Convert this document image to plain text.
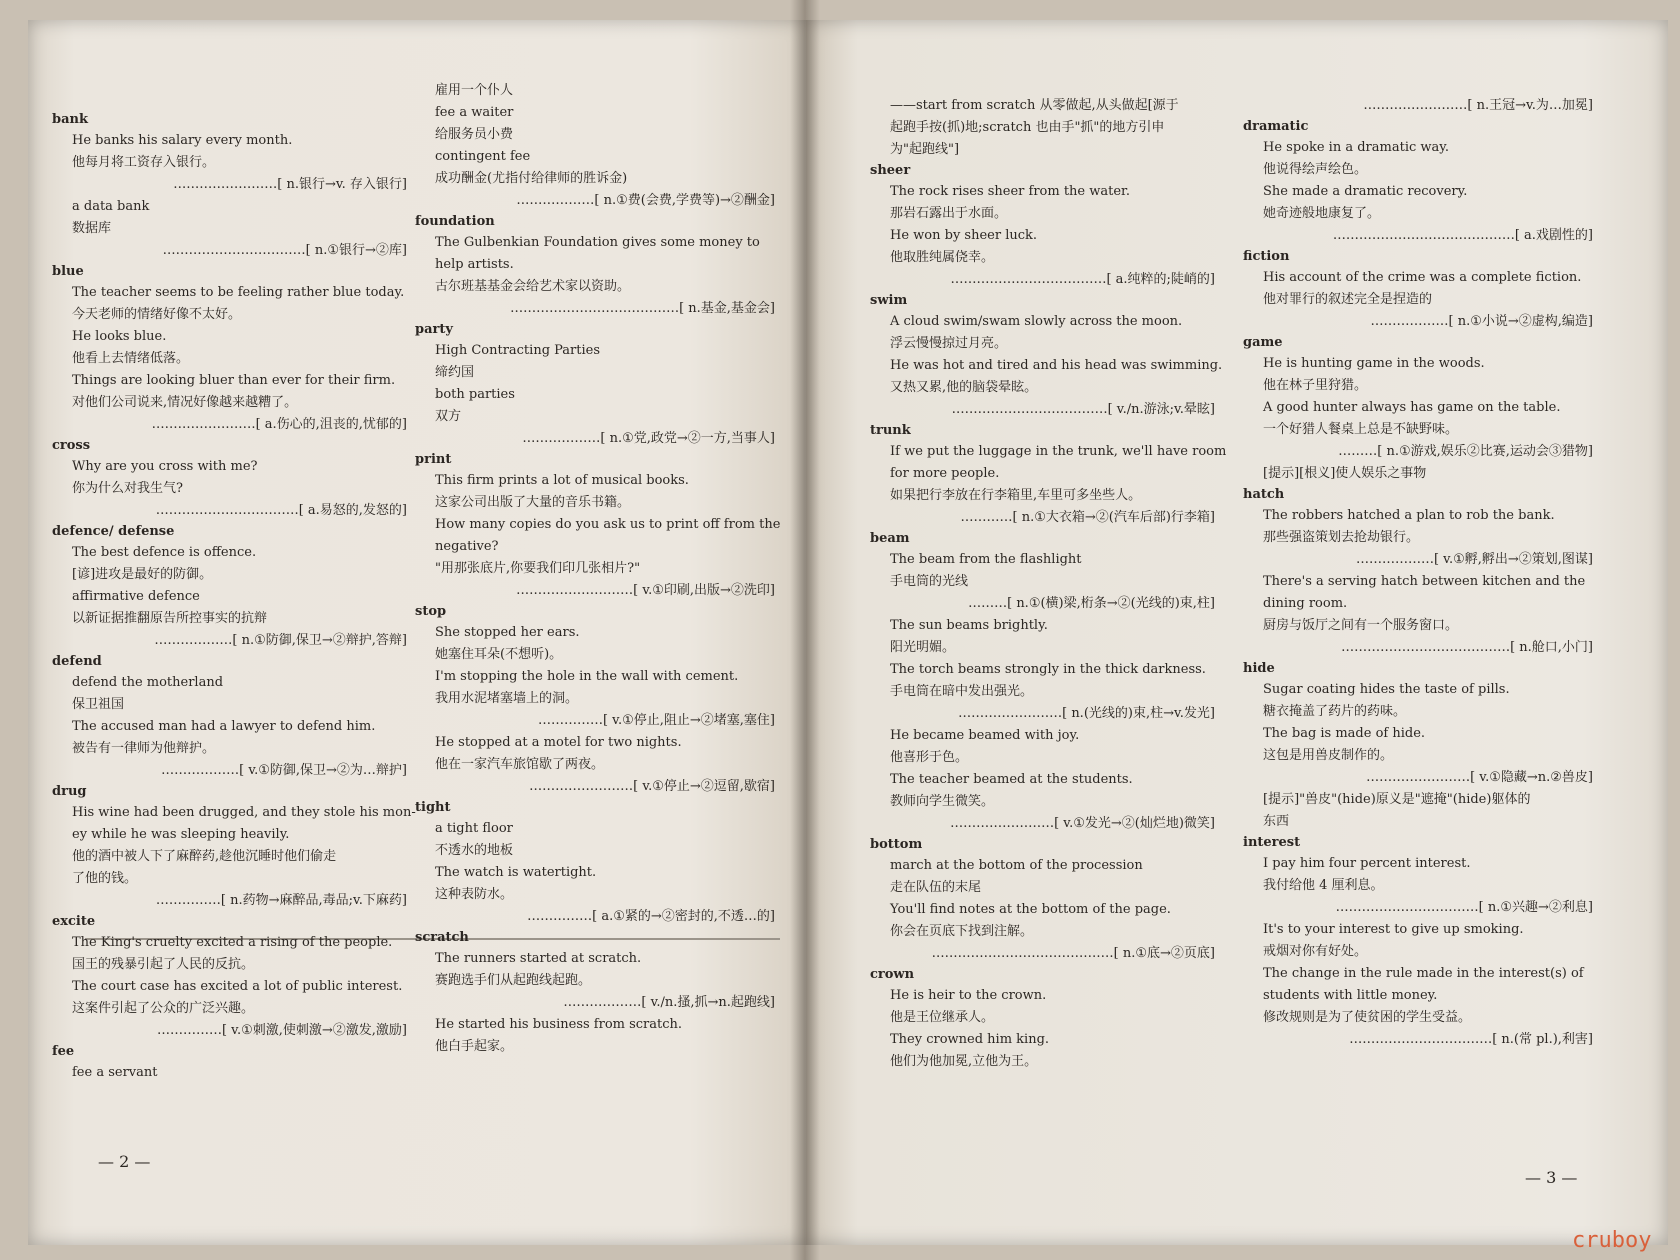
bank
He banks his salary every month.
他每月将工资存入银行。
……………………[ n.银行→v. 存入银行]
a data bank
数据库
……………………………[ n.①银行→②库]
blue
The teacher seems to be feeling rather blue today.
今天老师的情绪好像不太好。
He looks blue.
他看上去情绪低落。
Things are looking bluer than ever for their firm.
对他们公司说来,情况好像越来越糟了。
……………………[ a.伤心的,沮丧的,忧郁的]
cross
Why are you cross with me?
你为什么对我生气?
……………………………[ a.易怒的,发怒的]
defence/ defense
The best defence is offence.
[谚]进攻是最好的防御。
affirmative defence
以新证据推翻原告所控事实的抗辩
………………[ n.①防御,保卫→②辩护,答辩]
defend
defend the motherland
保卫祖国
The accused man had a lawyer to defend him.
被告有一律师为他辩护。
………………[ v.①防御,保卫→②为…辩护]
drug
His wine had been drugged, and they stole his mon-
ey while he was sleeping heavily.
他的酒中被人下了麻醉药,趁他沉睡时他们偷走
了他的钱。
……………[ n.药物→麻醉品,毒品;v.下麻药]
excite
The King's cruelty excited a rising of the people.
国王的残暴引起了人民的反抗。
The court case has excited a lot of public interest.
这案件引起了公众的广泛兴趣。
……………[ v.①刺激,使刺激→②激发,激励]
fee
fee a servant
雇用一个仆人
fee a waiter
给服务员小费
contingent fee
成功酬金(尤指付给律师的胜诉金)
………………[ n.①费(会费,学费等)→②酬金]
foundation
The Gulbenkian Foundation gives some money to
help artists.
古尔班基基金会给艺术家以资助。
…………………………………[ n.基金,基金会]
party
High Contracting Parties
缔约国
both parties
双方
………………[ n.①党,政党→②一方,当事人]
print
This firm prints a lot of musical books.
这家公司出版了大量的音乐书籍。
How many copies do you ask us to print off from the
negative?
"用那张底片,你要我们印几张相片?"
………………………[ v.①印刷,出版→②洗印]
stop
She stopped her ears.
她塞住耳朵(不想听)。
I'm stopping the hole in the wall with cement.
我用水泥堵塞墙上的洞。
……………[ v.①停止,阻止→②堵塞,塞住]
He stopped at a motel for two nights.
他在一家汽车旅馆歇了两夜。
……………………[ v.①停止→②逗留,歇宿]
tight
a tight floor
不透水的地板
The watch is watertight.
这种表防水。
……………[ a.①紧的→②密封的,不透…的]
scratch
The runners started at scratch.
赛跑选手们从起跑线起跑。
………………[ v./n.搔,抓→n.起跑线]
He started his business from scratch.
他白手起家。
——start from scratch 从零做起,从头做起[源于
起跑手按(抓)地;scratch 也由手"抓"的地方引申
为"起跑线"]
sheer
The rock rises sheer from the water.
那岩石露出于水面。
He won by sheer luck.
他取胜纯属侥幸。
………………………………[ a.纯粹的;陡峭的]
swim
A cloud swim/swam slowly across the moon.
浮云慢慢掠过月亮。
He was hot and tired and his head was swimming.
又热又累,他的脑袋晕眩。
………………………………[ v./n.游泳;v.晕眩]
trunk
If we put the luggage in the trunk, we'll have room
for more people.
如果把行李放在行李箱里,车里可多坐些人。
…………[ n.①大衣箱→②(汽车后部)行李箱]
beam
The beam from the flashlight
手电筒的光线
………[ n.①(横)梁,桁条→②(光线的)束,柱]
The sun beams brightly.
阳光明媚。
The torch beams strongly in the thick darkness.
手电筒在暗中发出强光。
……………………[ n.(光线的)束,柱→v.发光]
He became beamed with joy.
他喜形于色。
The teacher beamed at the students.
教师向学生微笑。
……………………[ v.①发光→②(灿烂地)微笑]
bottom
march at the bottom of the procession
走在队伍的末尾
You'll find notes at the bottom of the page.
你会在页底下找到注解。
……………………………………[ n.①底→②页底]
crown
He is heir to the crown.
他是王位继承人。
They crowned him king.
他们为他加冕,立他为王。
……………………[ n.王冠→v.为…加冕]
dramatic
He spoke in a dramatic way.
他说得绘声绘色。
She made a dramatic recovery.
她奇迹般地康复了。
……………………………………[ a.戏剧性的]
fiction
His account of the crime was a complete fiction.
他对罪行的叙述完全是捏造的
………………[ n.①小说→②虚构,编造]
game
He is hunting game in the woods.
他在林子里狩猎。
A good hunter always has game on the table.
一个好猎人餐桌上总是不缺野味。
………[ n.①游戏,娱乐②比赛,运动会③猎物]
[提示][根义]使人娱乐之事物
hatch
The robbers hatched a plan to rob the bank.
那些强盗策划去抢劫银行。
………………[ v.①孵,孵出→②策划,图谋]
There's a serving hatch between kitchen and the
dining room.
厨房与饭厅之间有一个服务窗口。
…………………………………[ n.舱口,小门]
hide
Sugar coating hides the taste of pills.
糖衣掩盖了药片的药味。
The bag is made of hide.
这包是用兽皮制作的。
……………………[ v.①隐藏→n.②兽皮]
[提示]"兽皮"(hide)原义是"遮掩"(hide)躯体的
东西
interest
I pay him four percent interest.
我付给他 4 厘利息。
……………………………[ n.①兴趣→②利息]
It's to your interest to give up smoking.
戒烟对你有好处。
The change in the rule made in the interest(s) of
students with little money.
修改规则是为了使贫困的学生受益。
……………………………[ n.(常 pl.),利害]
— 2 —
— 3 —
cruboy
